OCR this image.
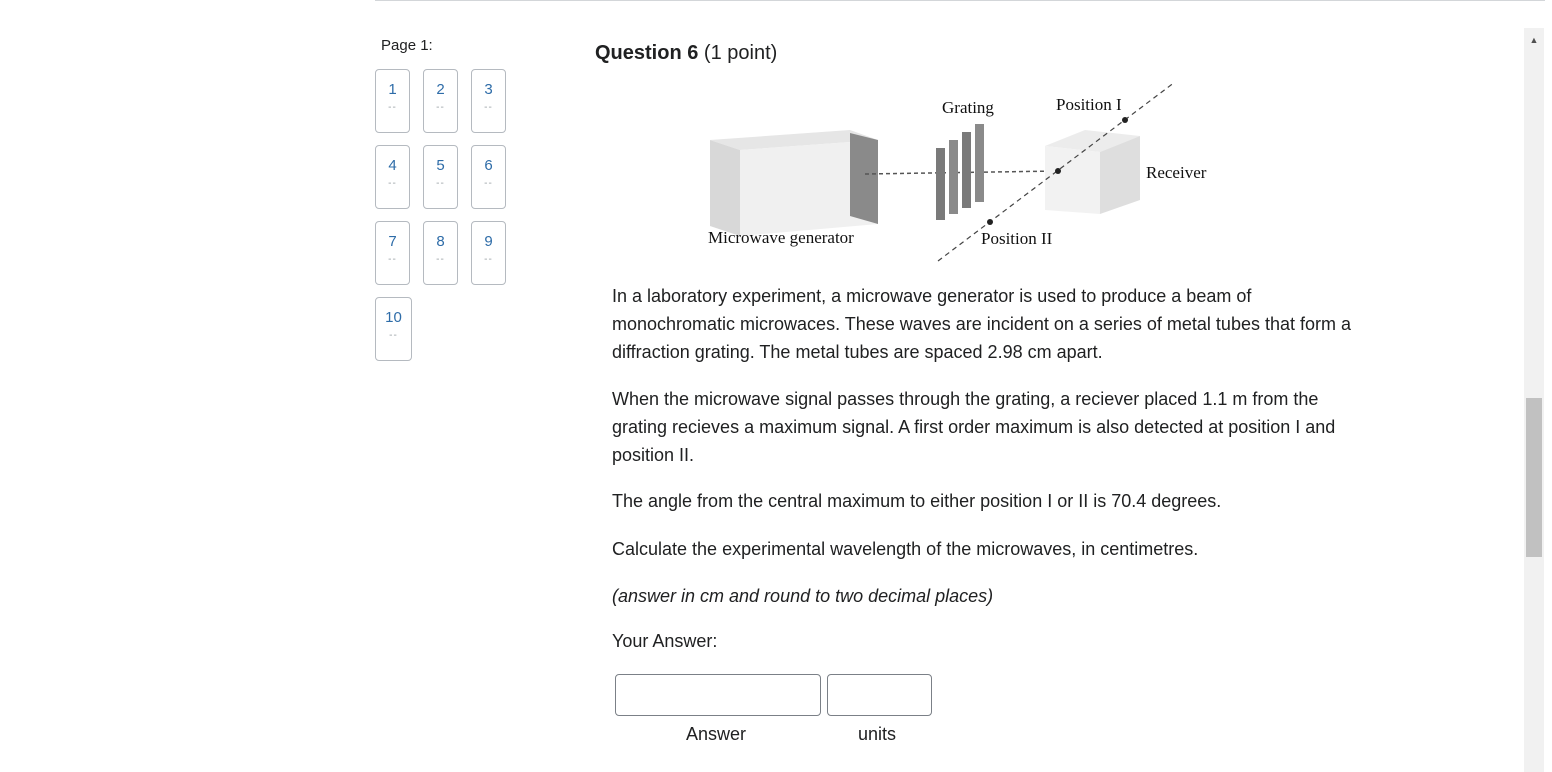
Page 1:
1
--
2
--
3
--
4
--
5
--
6
--
7
--
8
--
9
--
10
--
Question 6 (1 point)
Grating	Position I
Receiver
Microwave generator	Position II

In a laboratory experiment, a microwave generator is used to produce a beam of monochromatic microwaces. These waves are incident on a series of metal tubes that form a diffraction grating. The metal tubes are spaced 2.98 cm apart.

When the microwave signal passes through the grating, a reciever placed 1.1 m from the grating recieves a maximum signal. A first order maximum is also detected at position I and position II.

The angle from the central maximum to either position I or II is 70.4 degrees.

Calculate the experimental wavelength of the microwaves, in centimetres.

(answer in cm and round to two decimal places)

Your Answer:

Answer	units
▲
